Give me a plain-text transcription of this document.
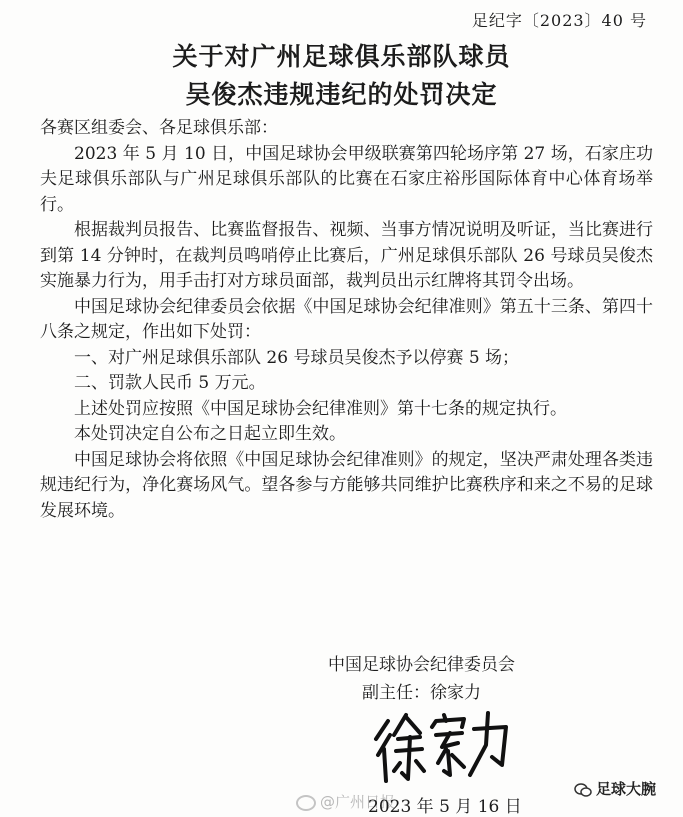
足纪字〔2023〕40 号
关于对广州足球俱乐部队球员
吴俊杰违规违纪的处罚决定

各赛区组委会、各足球俱乐部：

2023 年 5 月 10 日，中国足球协会甲级联赛第四轮场序第 27 场，石家庄功夫足球俱乐部队与广州足球俱乐部队的比赛在石家庄裕彤国际体育中心体育场举行。

根据裁判员报告、比赛监督报告、视频、当事方情况说明及听证，当比赛进行到第 14 分钟时，在裁判员鸣哨停止比赛后，广州足球俱乐部队 26 号球员吴俊杰实施暴力行为，用手击打对方球员面部，裁判员出示红牌将其罚令出场。

中国足球协会纪律委员会依据《中国足球协会纪律准则》第五十三条、第四十八条之规定，作出如下处罚：

一、对广州足球俱乐部队 26 号球员吴俊杰予以停赛 5 场；

二、罚款人民币 5 万元。

上述处罚应按照《中国足球协会纪律准则》第十七条的规定执行。

本处罚决定自公布之日起立即生效。

中国足球协会将依照《中国足球协会纪律准则》的规定，坚决严肃处理各类违规违纪行为，净化赛场风气。望各参与方能够共同维护比赛秩序和来之不易的足球发展环境。

中国足球协会纪律委员会
副主任：徐家力
@广州日报
2023 年 5 月 16 日
足球大腕
